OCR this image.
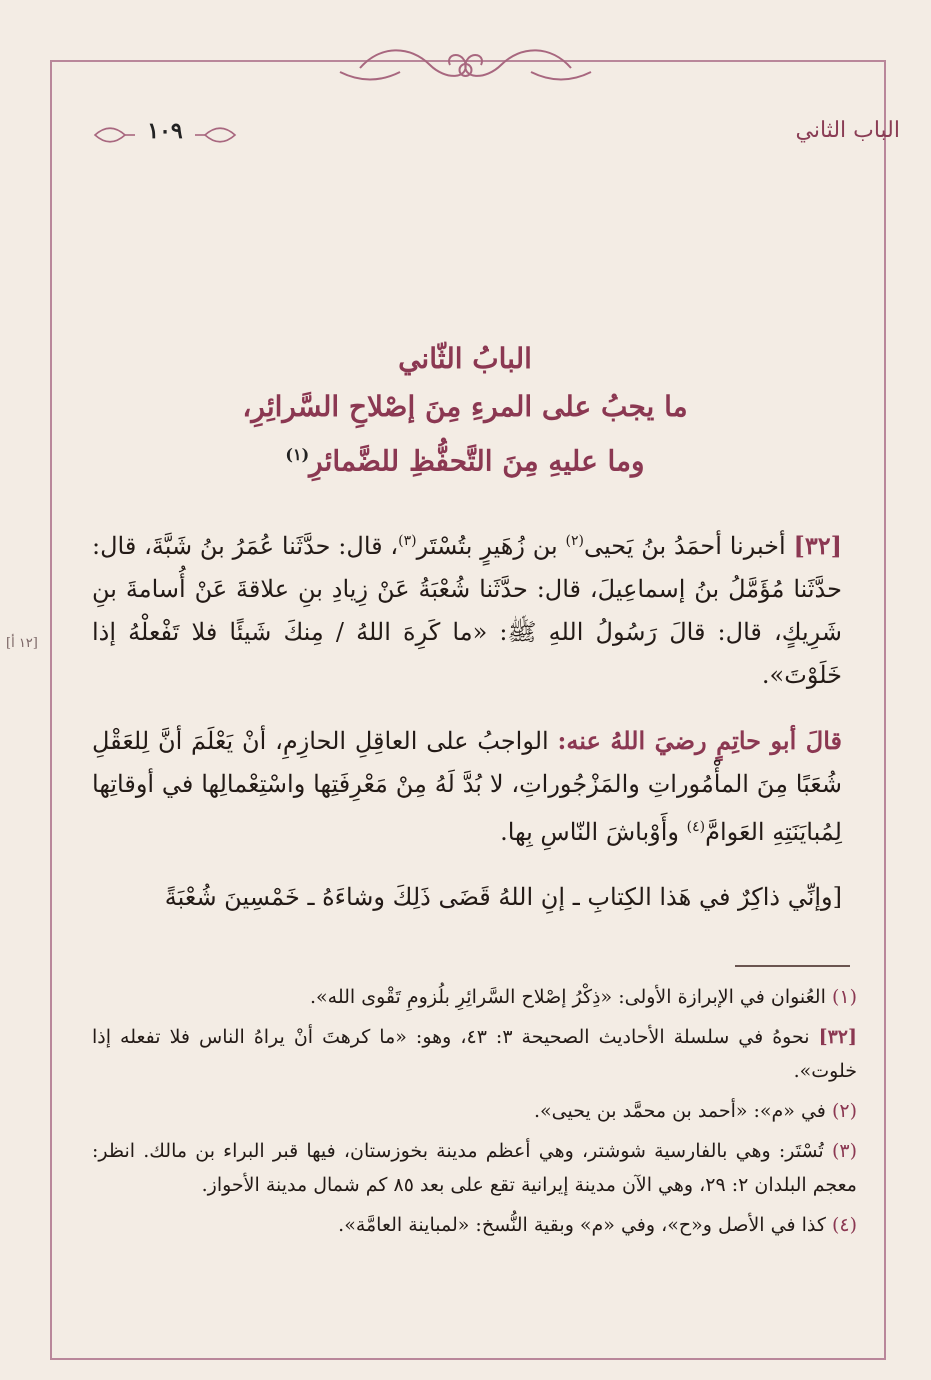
الباب الثاني
١٠٩
البابُ الثّاني
ما يجبُ على المرءِ مِنَ إصْلاحِ السَّرائِرِ،
وما عليهِ مِنَ التَّحفُّظِ للضَّمائرِ$^{(١)}$
[١٢ أ]

[٣٢] أخبرنا أحمَدُ بنُ يَحيى$^{(٢)}$ بن زُهَيرٍ بتُسْتَر$^{(٣)}$، قال: حدَّثَنا عُمَرُ بنُ شَبَّةَ، قال: حدَّثَنا مُؤَمَّلُ بنُ إسماعِيلَ، قال: حدَّثَنا شُعْبَةُ عَنْ زِيادِ بنِ علاقةَ عَنْ أُسامةَ بنِ شَرِيكٍ، قال: قالَ رَسُولُ اللهِ ﷺ: «ما كَرِهَ اللهُ / مِنكَ شَيئًا فلا تَفْعلْهُ إذا خَلَوْتَ».

قالَ أبو حاتِمٍ رضيَ اللهُ عنه: الواجبُ على العاقِلِ الحازِمِ، أنْ يَعْلَمَ أنَّ لِلعَقْلِ شُعَبًا مِنَ المأْمُوراتِ والمَزْجُوراتِ، لا بُدَّ لَهُ مِنْ مَعْرِفَتِها واسْتِعْمالِها في أوقاتِها لِمُبايَنَتِهِ العَوامَّ$^{(٤)}$ وأَوْباشَ النّاسِ بِها.

[وإنِّي ذاكِرٌ في هَذا الكِتابِ ـ إنِ اللهُ قَضَى ذَلِكَ وشاءَهُ ـ خَمْسِينَ شُعْبَةً

(١) العُنوان في الإبرازة الأولى: «ذِكْرُ إصْلاح السَّرائِرِ بلُزومِ تَقْوى الله».

[٣٢] نحوهُ في سلسلة الأحاديث الصحيحة ٣: ٤٣، وهو: «ما كرهتَ أنْ يراهُ الناس فلا تفعله إذا خلوت».

(٢) في «م»: «أحمد بن محمَّد بن يحيى».

(٣) تُسْتَر: وهي بالفارسية شوشتر، وهي أعظم مدينة بخوزستان، فيها قبر البراء بن مالك. انظر: معجم البلدان ٢: ٢٩، وهي الآن مدينة إيرانية تقع على بعد ٨٥ كم شمال مدينة الأحواز.

(٤) كذا في الأصل و«ح»، وفي «م» وبقية النُّسخ: «لمباينة العامَّة».
